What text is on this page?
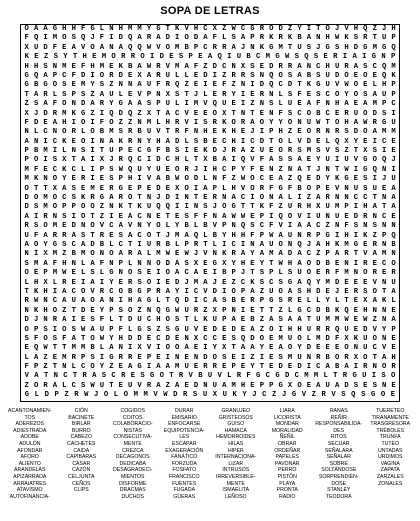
SOPA DE LETRAS
O A A G H H F G L N H M M Y G T K V H C X Z W C G R O D Z Y I T O J V H Q Z J H
F Q I M O S Q J F I D Q A R A D I O D A F L S A P R K R K B A N H W K S R T U P
X U D F E A V O A N A Q Q W V O M B P C R R A J N K G M T U S J G S H D G M G Q
K E Z S Y T H E M O R R O I D E S P E A Q I U B C M G W S Q S E R I A I G N P
H H S N M E F H M E K B A W R V M A F Z D C N X S E D R R A N C H U R A S C Q M
G Q A P C F D I O R D E X A R U L L E D I Z R R S N Q O S A B S U D O E O E Q K
G B G O S E M Y S Z N N A U F R Q Z E I E F Z N I D Q C D T K G U V W O E L H P
T A R L S P S Z A U L E V P N X S T J L E R Y I E R N L S F E S C O Y O S A U P
Z S A F O N D A R Y G A A S P U L I M V Q U E I Z N S L U E A F N H A E A M P C
X J D R M K G Z I Q D Q Z X T A C V E E O X T N T E N F S C O B C E R U O D S I
F D E A H I O I F O Z Z N M L H R V I S R K O R A O Y Y O N U W T O H A W R G U
N L C N O R L O B M S R B U V T R F N H E K H E J I P H Z E O R N R S D O A M M
A N I C K E O I N A K R N Y H A D L S B E C H I C D T O L V D E L Q X Y E I C E
P B M I L N S I T U P E C G F B S I E K D J R A Z U E O R S M S V S Z T X S I E
P O I S X T A I X J R Q C I D C H L T X B A I Q V F A S S A E Y U I U V G O Q J
M F E C K C L I P S W Q U Y U E O R J I H C P Y F E N Z N A T J N T W I G Q N I
M K N O Y E R I E S P H I V A B W O D L N F Z W O C E A Z Q E D Y K G E S I J U
O T T X A S E M E R G E P E D E X O I A P L H V O R F G F B O P E V N U S U E A
D O M O C S K R G A R O T N J D I N T E R N A C I O N A L I Z A R N N C C T N A
D S M O P P O O Z N K T K U Q Q I I N S J O G T T K F Z U R H X U M P I H A T A
A I R N S I O T Z I E A C N E T E S F F N A W W E P I Q O V I U N U E D R N C E
R S O M E D N O V C A V N Y O L Y B L B V P N Q S C F V I A A C Z N F S N S N N
U F A R R A S T R E S A C O T J M A Q L B Y H H F P W A U N R P G I H I K Z P Q
A O Y G S C A D B L C T I U R B L P R T L I C I N A U O N Q J A H K M G E R N B
N I X M Z B M O N O A R A L M W E W J V N K R A Y A M A D A C Z P A R T V A M N
S M A F H N L A F N P L N N O D A S X E G X Y H E Y T W H A O D B E N I R E C O
O E P M W E L S L G N O S E I O A C A E I B P J T S P L S U O E R F M N O R E R
L H X L R E I A I Y E R S O I E D J M A J E Z C K S C S G A Q Y M D E E E V N U
T K H I A C O V R C O B G P R A Y I C V D I O P A Z U O A S H D E J E R S O T A
R W N C A U A O A N I H A G L T Q D I C A S B E R P G S R E L L Y L T E X A K L
N K H O Z T D E Y P S O Z N Q G W U R Z X P N I E T T Z L G C D B K Q E H N N E
D J N R A I E S F L T D U C H O S T L K U P A E B Z A S A A T U M M W E W Z N A
O P S I O S W A U P F L G S Z S G U V E D E D E A Z O I H H U R R Q U E D V Y P
S F O S F A T O W Y H D D E C D E N X C C E S Q D O E M U O L M D F X K U O N E
E Q W T T M M B L A N I X V I O O A E I Y X T A A Y E A O Y D E E E O N U C V E
L A Z E M R P S I G R R E P E I N E N D O S E I Z I E S M U N R B O R X O T A H
F P Z T N L C O Y Z E A G I A A M U E R R E P E Y T E D E D I C A B A I R N O R
V A T N C T R A S C R E S G O T R V B U V L R F G C G D C M M L T R G U I S O
Z O R A L C S W U T E U V R A Z A E D N U A M H E P P G X O E A U A D S E S N E
G L D P Z R W J O L O M M V W D R S U X U K Y J C Z J G V Z R V S Q S G O E
ACANTONAMIEN-
TOS
ADEREZOS
ADIESTRADA
ADOBE
ADULÓN
AFONDAR
AFORO
ALIENTO
ARANDELAS
APIZARRADA
ARRAIATRES
ATAVISMO
AUTOFINANCIA-
CIÓN
BACINETE
BIRLAR
BURRO
CABEZO
CACHETES
CAIDA
CAPIBARAS
CASAR
CAZÓN
CÉLJUNTA
CEÑOS
CLIPS
COGIDOS
COITOS
COLABORACIO-
NISTAS
CONSECUTIVA-
MENTE
CREZCA
DECAGONOS
DEDICABA
DESAGRADECI-
MIENTOS
DISFORME
DRACMAS
DUCHOS
DURAR
EMISARIO
ENFOCARSE
EQUIPOTENCIA-
LES
ESCAPAR
EXAGERACIÓN
FANÁTICO
FORZUDA
FOSFATO
FRANCISCO
FUENTES
FUGADA
GÜERAS
GRANUJEO
GRISTEOSOS
GUISO
HAMACA
HEMORROIDES
HILAS
HIPER
INTERNACIONA-
LIZAR
INTRUSOS
IRREVERSIBLE-
MENTE
ISMAELITA
LEÑOSO
LIARA
LICORISTA
MONDAR
MORALIDAD
ÑEÑIL
OBRAR
ORDEÑAR
PAPELES
PAVONAR
PERRO
PISTÓN
PLAYA
PRONTA
RADIO
RANAS
REÑIR
RESPONSABILIDA-
DES
RITOS
SECUAR
SEÑALARA
SEÑALAR
SOBRE
SOLTÁNDOSE
SORPRENDIÉN-
DOSE
STANLEY
TEODORA
TUERETEO
TIRANAMENTE
TRASGRESORA
TRÉBOLES
TRUNFA
TUTEO
UNTADAS
URDIMOS
VAGINA
ZAPATA
ZARZALES
ZONALES
